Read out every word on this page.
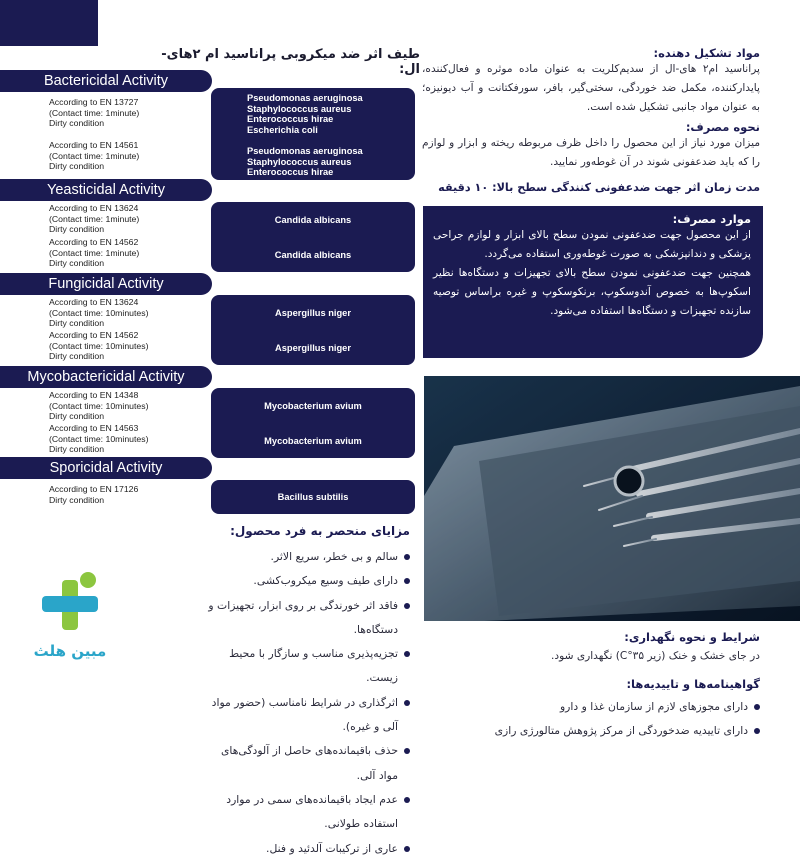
طیف اثر ضد میکروبی پراناسید ام ۲های-ال:
Bactericidal Activity
According to EN 13727
(Contact time: 1minute)
Dirty condition
According to EN 14561
(Contact time: 1minute)
Dirty condition
Pseudomonas aeruginosa
Staphylococcus aureus
Enterococcus hirae
Escherichia coli
Pseudomonas aeruginosa
Staphylococcus aureus
Enterococcus hirae
Yeasticidal Activity
According to EN 13624
(Contact time: 1minute)
Dirty condition
According to EN 14562
(Contact time: 1minute)
Dirty condition
Candida albicans
Candida albicans
Fungicidal Activity
According to EN 13624
(Contact time: 10minutes)
Dirty condition
According to EN 14562
(Contact time: 10minutes)
Dirty condition
Aspergillus niger
Aspergillus niger
Mycobactericidal Activity
According to EN 14348
(Contact time: 10minutes)
Dirty condition
According to EN 14563
(Contact time: 10minutes)
Dirty condition
Mycobacterium avium
Mycobacterium avium
Sporicidal Activity
According to EN 17126
Dirty condition	Bacillus subtilis
مواد تشکیل دهنده:
پراناسید ام۲ های-ال از سدیم‌کلریت به عنوان ماده موثره و فعال‌کننده، پایدارکننده، مکمل ضد خوردگی، سختی‌گیر، بافر، سورفکتانت و آب دیونیزه؛ به عنوان مواد جانبی تشکیل شده است.
نحوه مصرف:
میزان مورد نیاز از این محصول را داخل ظرف مربوطه ریخته و ابزار و لوازم را که باید ضدعفونی شوند در آن غوطه‌ور نمایید.
مدت زمان اثر جهت ضدعفونی کنندگی سطح بالا: ۱۰ دقیقه
موارد مصرف:
از این محصول جهت ضدعفونی نمودن سطح بالای ابزار و لوازم جراحی پزشکی و دندانپزشکی به صورت غوطه‌وری استفاده می‌گردد.
همچنین جهت ضدعفونی نمودن سطح بالای تجهیزات و دستگاه‌ها نظیر اسکوپ‌ها به خصوص آندوسکوپ، برنکوسکوپ و غیره براساس توصیه سازنده تجهیزات و دستگاه‌ها استفاده می‌شود.
شرایط و نحوه نگهداری:
در جای خشک و خنک (زیر ۳۵°C) نگهداری شود.
گواهینامه‌ها و تاییدیه‌ها:
دارای مجوزهای لازم از سازمان غذا و دارو
دارای تاییدیه ضدخوردگی از مرکز پژوهش متالورژی رازی
مزایای منحصر به فرد محصول:
سالم و بی خطر، سریع الاثر.
دارای طیف وسیع میکروب‌کشی.
فاقد اثر خورندگی بر روی ابزار، تجهیزات و دستگاه‌ها.
تجزیه‌پذیری مناسب و سازگار با محیط زیست.
اثرگذاری در شرایط نامناسب (حضور مواد آلی و غیره).
حذف باقیمانده‌های حاصل از آلودگی‌های مواد آلی.
عدم ایجاد باقیمانده‌های سمی در موارد استفاده طولانی.
عاری از ترکیبات آلدئید و فنل.
مبین هلث
